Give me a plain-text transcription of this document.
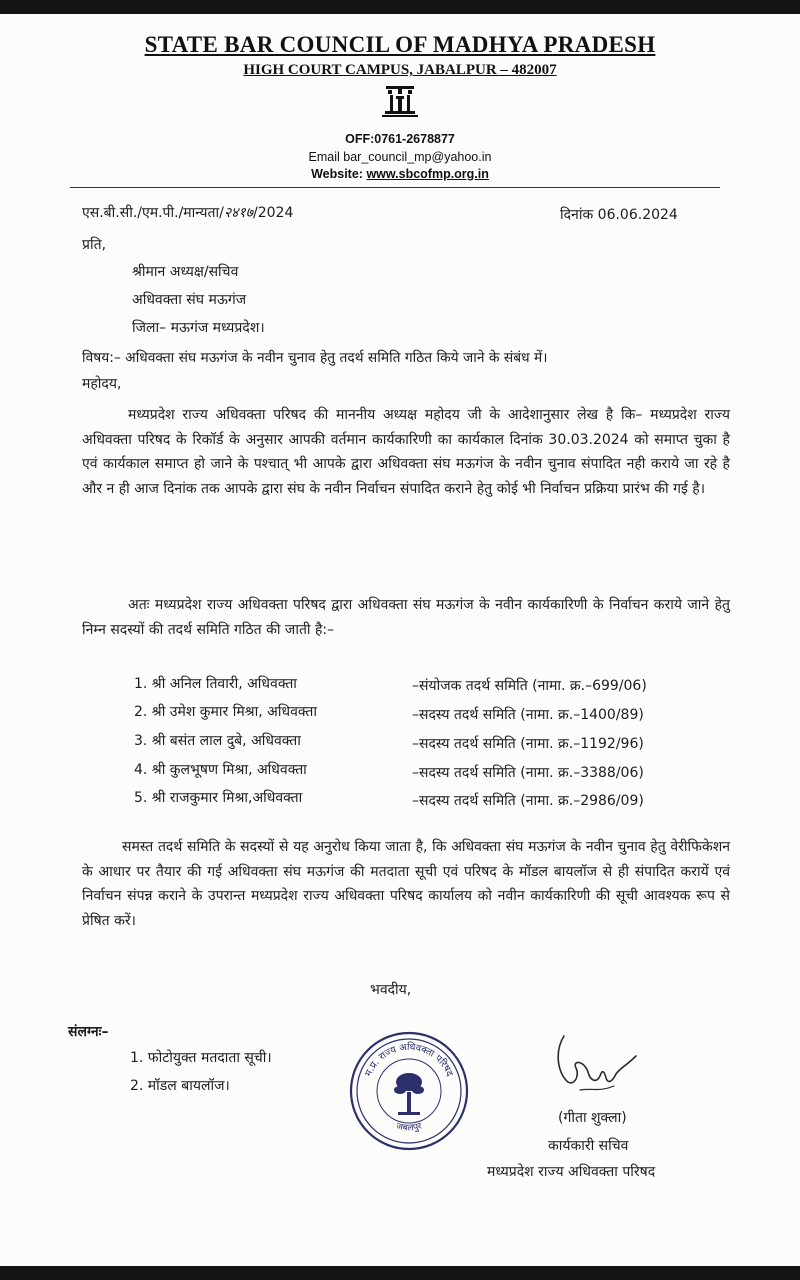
STATE BAR COUNCIL OF MADHYA PRADESH
HIGH COURT CAMPUS, JABALPUR – 482007
OFF:0761-2678877
Email bar_council_mp@yahoo.in
Website: www.sbcofmp.org.in
एस.बी.सी./एम.पी./मान्यता/२४१७/2024	दिनांक 06.06.2024
प्रति,
श्रीमान अध्यक्ष/सचिव
अधिवक्ता संघ मऊगंज
जिला– मऊगंज मध्यप्रदेश।
विषय:– अधिवक्ता संघ मऊगंज के नवीन चुनाव हेतु तदर्थ समिति गठित किये जाने के संबंध में।
महोदय,
मध्यप्रदेश राज्य अधिवक्ता परिषद की माननीय अध्यक्ष महोदय जी के आदेशानुसार लेख है कि– मध्यप्रदेश राज्य अधिवक्ता परिषद के रिकॉर्ड के अनुसार आपकी वर्तमान कार्यकारिणी का कार्यकाल दिनांक 30.03.2024 को समाप्त चुका है एवं कार्यकाल समाप्त हो जाने के पश्चात् भी आपके द्वारा अधिवक्ता संघ मऊगंज के नवीन चुनाव संपादित नही कराये जा रहे है और न ही आज दिनांक तक आपके द्वारा संघ के नवीन निर्वाचन संपादित कराने हेतु कोई भी निर्वाचन प्रक्रिया प्रारंभ की गई है।
अतः मध्यप्रदेश राज्य अधिवक्ता परिषद द्वारा अधिवक्ता संघ मऊगंज के नवीन कार्यकारिणी के निर्वाचन कराये जाने हेतु निम्न सदस्यों की तदर्थ समिति गठित की जाती है:–
1. श्री अनिल तिवारी, अधिवक्ता	–संयोजक तदर्थ समिति (नामा. क्र.–699/06)
2. श्री उमेश कुमार मिश्रा, अधिवक्ता	–सदस्य तदर्थ समिति (नामा. क्र.–1400/89)
3. श्री बसंत लाल दुबे, अधिवक्ता	–सदस्य तदर्थ समिति (नामा. क्र.–1192/96)
4. श्री कुलभूषण मिश्रा, अधिवक्ता	–सदस्य तदर्थ समिति (नामा. क्र.–3388/06)
5. श्री राजकुमार मिश्रा,अधिवक्ता	–सदस्य तदर्थ समिति (नामा. क्र.–2986/09)
समस्त तदर्थ समिति के सदस्यों से यह अनुरोध किया जाता है, कि अधिवक्ता संघ मऊगंज के नवीन चुनाव हेतु वेरीफिकेशन के आधार पर तैयार की गई अधिवक्ता संघ मऊगंज की मतदाता सूची एवं परिषद के मॉडल बायलॉज से ही संपादित करायें एवं निर्वाचन संपन्न कराने के उपरान्त मध्यप्रदेश राज्य अधिवक्ता परिषद कार्यालय को नवीन कार्यकारिणी की सूची आवश्यक रूप से प्रेषित करें।
भवदीय,
संलग्नः–
1. फोटोयुक्त मतदाता सूची।
2. मॉडल बायलॉज।
म.प्र. राज्य अधिवक्ता परिषद
जबलपुर
(गीता शुक्ला)
कार्यकारी सचिव
मध्यप्रदेश राज्य अधिवक्ता परिषद
